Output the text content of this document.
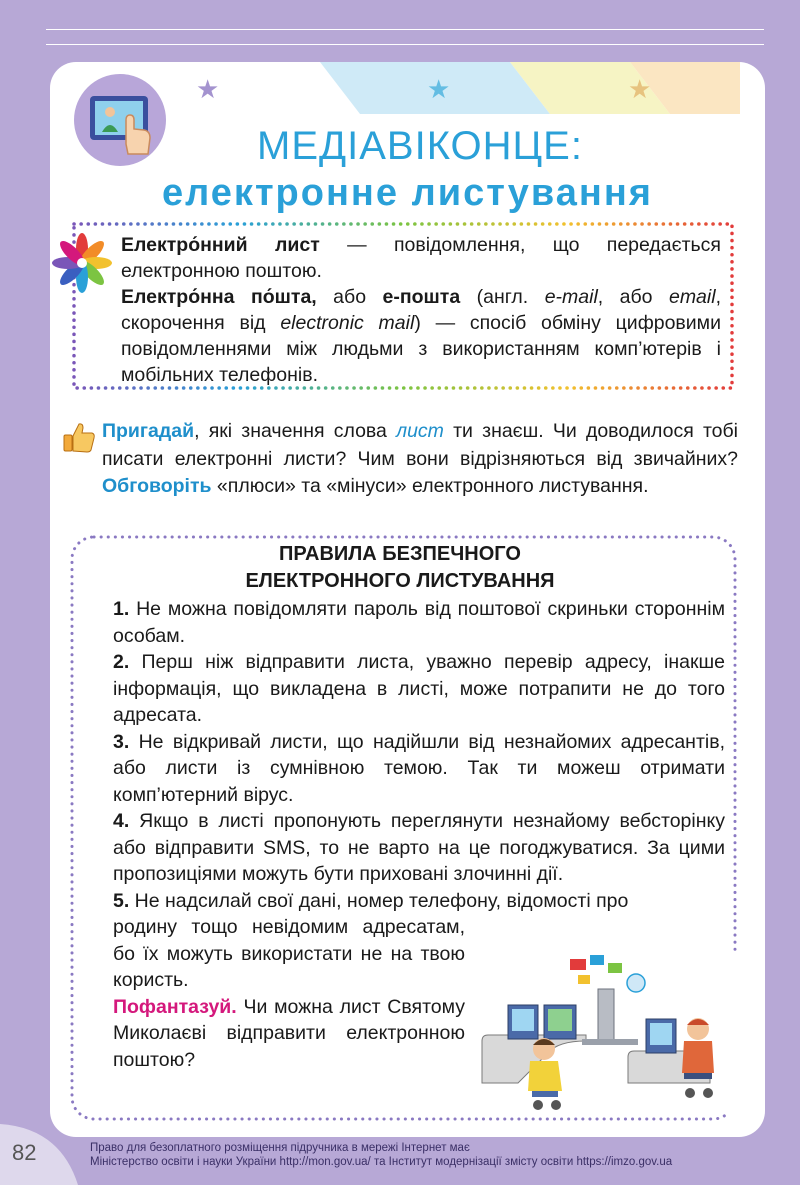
★	★	★
МЕДІАВІКОНЦЕ:
електронне листування

Електро́нний лист — повідомлення, що передається електронною поштою.

Електро́нна по́шта, або е-пошта (англ. e-mail, або email, скорочення від electronic mail) — спосіб обміну цифровими повідомленнями між людьми з використанням комп’ютерів і мобільних телефонів.

Пригадай, які значення слова лист ти знаєш. Чи доводилося тобі писати електронні листи? Чим вони відрізняються від звичайних? Обговоріть «плюси» та «мінуси» електронного листування.
ПРАВИЛА БЕЗПЕЧНОГО
ЕЛЕКТРОННОГО ЛИСТУВАННЯ

1. Не можна повідомляти пароль від поштової скриньки стороннім особам.

2. Перш ніж відправити листа, уважно перевір адресу, інакше інформація, що викладена в листі, може потрапити не до того адресата.

3. Не відкривай листи, що надійшли від незнайомих адресантів, або листи із сумнівною темою. Так ти можеш отримати комп’ютерний вірус.

4. Якщо в листі пропонують переглянути незнайому вебсторінку або відправити SMS, то не варто на це погоджуватися. За цими пропозиціями можуть бути приховані злочинні дії.

5. Не надсилай свої дані, номер телефону, відомості про

родину тощо невідомим адресатам, бо їх можуть використати не на твою користь.

Пофантазуй. Чи можна лист Святому Миколаєві відправити електронною поштою?

82	Право для безоплатного розміщення підручника в мережі Інтернет має
Міністерство освіти і науки України http://mon.gov.ua/ та Інститут модернізації змісту освіти https://imzo.gov.ua
